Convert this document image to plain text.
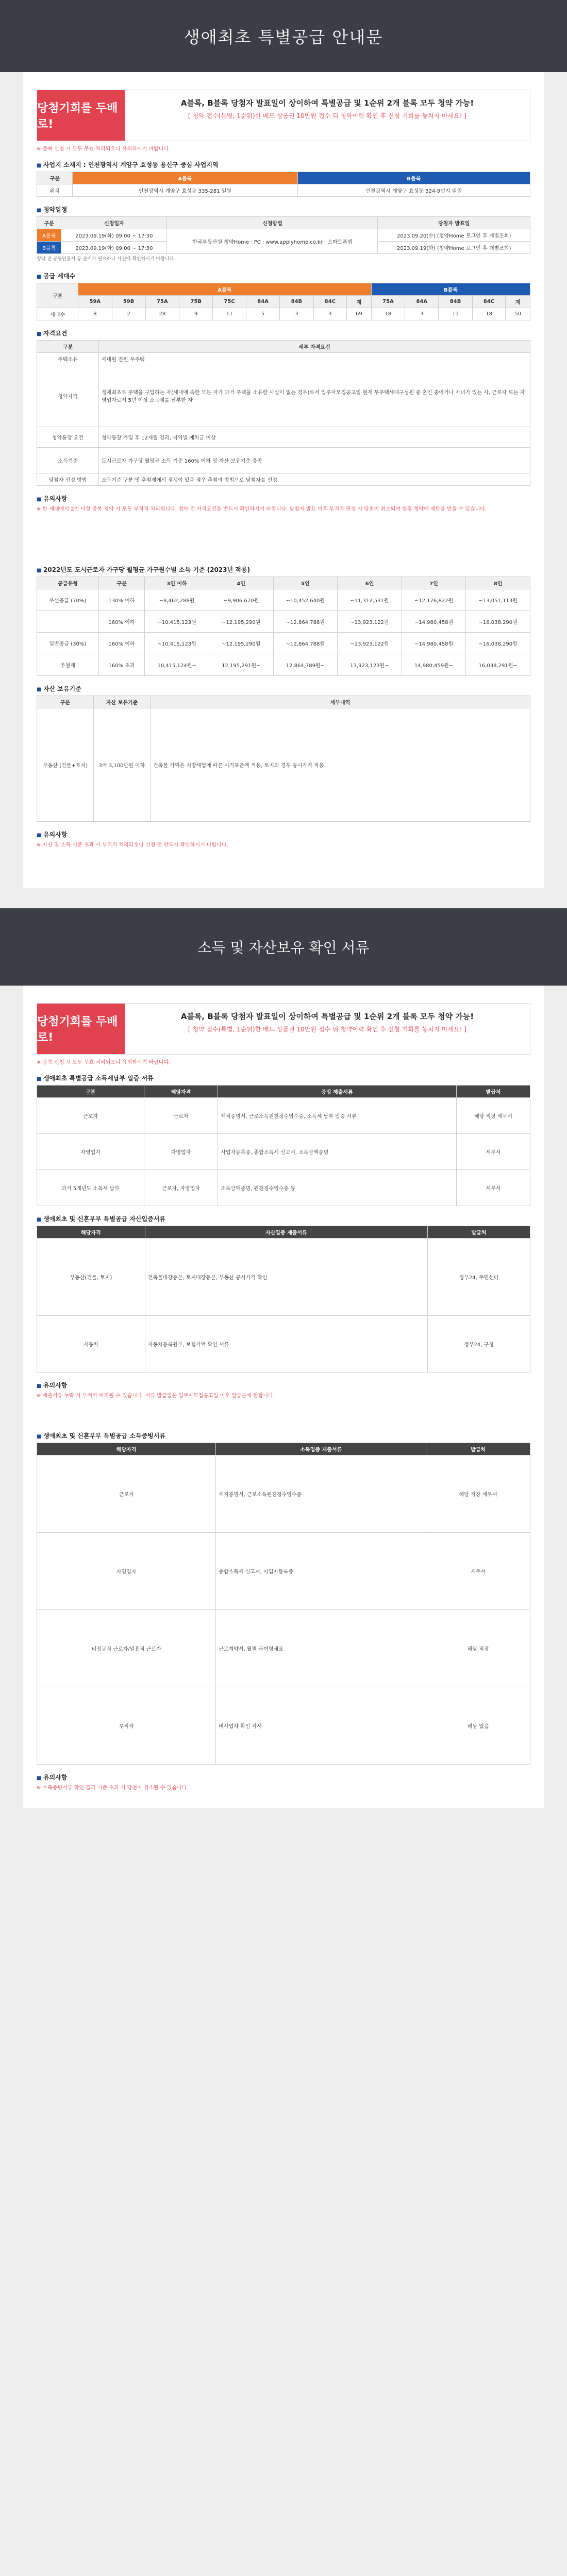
생애최초 특별공급 안내문
당첨기회를 두배로!
A블록, B블록 당첨자 발표일이 상이하여 특별공급 및 1순위 2개 블록 모두 청약 가능!
[ 청약 접수(특별, 1순위)한 배드 상품권 10만원 접수 뒤 청약이력 확인 후 신청 기회를 놓치지 마세요! ]
※ 중복 신청 시 모두 무효 처리되오니 유의하시기 바랍니다.
■ 사업지 소재지 : 인천광역시 계양구 효성동 용신구 중심 사업지역
구분	A블록	B블록
위치	인천광역시 계양구 효성동 335-281 일원	인천광역시 계양구 효성동 324-9번지 일원
■ 청약일정
구분	신청일자	신청방법	당첨자 발표일
A블록	2023.09.19(화) 09:00 ~ 17:30	한국부동산원 청약Home · PC : www.applyhome.co.kr · 스마트폰앱	2023.09.20(수) (청약Home 로그인 후 개별조회)
B블록	2023.09.19(화) 09:00 ~ 17:30		2023.09.19(화) (청약Home 로그인 후 개별조회)
청약 전 공동인증서 등 준비가 필요하니 사전에 확인하시기 바랍니다.
■ 공급 세대수
구분	A블록									B블록				
	59A	59B	75A	75B	75C	84A	84B	84C	계	75A	84A	84B	84C	계
세대수	8	2	28	9	11	5	3	3	69	18	3	11	18	50
■ 자격요건
구분	세부 자격요건
주택소유	세대원 전원 무주택
청약자격	생애최초로 주택을 구입하는 자(세대에 속한 모든 자가 과거 주택을 소유한 사실이 없는 경우)로서 입주자모집공고일 현재 무주택세대구성원 중 혼인 중이거나 자녀가 있는 자, 근로자 또는 자영업자로서 5년 이상 소득세를 납부한 자
청약통장 요건	청약통장 가입 후 12개월 경과, 지역별 예치금 이상
소득기준	도시근로자 가구당 월평균 소득 기준 160% 이하 및 자산 보유기준 충족
당첨자 선정 방법	소득기준 구분 및 추첨제에서 경쟁이 있을 경우 추첨의 방법으로 당첨자를 선정
■ 유의사항
※ 한 세대에서 2인 이상 중복 청약 시 모두 부적격 처리됩니다. 청약 전 자격요건을 반드시 확인하시기 바랍니다. 당첨자 발표 이후 부적격 판정 시 당첨이 취소되며 향후 청약에 제한을 받을 수 있습니다.
■ 2022년도 도시근로자 가구당 월평균 가구원수별 소득 기준 (2023년 적용)
공급유형	구분	3인 이하	4인	5인	6인	7인	8인
우선공급 (70%)	130% 이하	~8,462,288원	~9,906,670원	~10,452,640원	~11,312,531원	~12,176,822원	~13,051,113원
	160% 이하	~10,415,123원	~12,195,290원	~12,864,788원	~13,923,122원	~14,980,458원	~16,038,290원
일반공급 (30%)	160% 이하	~10,415,123원	~12,195,290원	~12,864,788원	~13,923,122원	~14,980,458원	~16,038,290원
추첨제	160% 초과	10,415,124원~	12,195,291원~	12,864,789원~	13,923,123원~	14,980,459원~	16,038,291원~
■ 자산 보유기준
구분	자산 보유기준	세부내역
부동산 (건물+토지)	3억 3,100만원 이하	건축물 가액은 지방세법에 따른 시가표준액 적용, 토지의 경우 공시가격 적용
■ 유의사항
※ 자산 및 소득 기준 초과 시 부적격 처리되오니 신청 전 반드시 확인하시기 바랍니다.
소득 및 자산보유 확인 서류
당첨기회를 두배로!
A블록, B블록 당첨자 발표일이 상이하여 특별공급 및 1순위 2개 블록 모두 청약 가능!
[ 청약 접수(특별, 1순위)한 배드 상품권 10만원 접수 뒤 청약이력 확인 후 신청 기회를 놓치지 마세요! ]
※ 중복 신청 시 모두 무효 처리되오니 유의하시기 바랍니다.
■ 생애최초 특별공급 소득세납부 입증 서류
구분	해당자격	증빙 제출서류	발급처
근로자	근로자	재직증명서, 근로소득원천징수영수증, 소득세 납부 입증 서류	해당 직장 세무서
자영업자	자영업자	사업자등록증, 종합소득세 신고서, 소득금액증명	세무서
과거 5개년도 소득세 납부	근로자, 자영업자	소득금액증명, 원천징수영수증 등	세무서
■ 생애최초 및 신혼부부 특별공급 자산입증서류
해당자격	자산입증 제출서류	발급처
부동산(건물, 토지)	건축물대장등본, 토지대장등본, 부동산 공시가격 확인	정부24, 주민센터
자동차	자동차등록원부, 보험가액 확인 서류	정부24, 구청
■ 유의사항
※ 제출서류 누락 시 부적격 처리될 수 있습니다. 서류 발급일은 입주자모집공고일 이후 발급분에 한합니다.
■ 생애최초 및 신혼부부 특별공급 소득증빙서류
해당자격	소득입증 제출서류	발급처
근로자	재직증명서, 근로소득원천징수영수증	해당 직장 세무서
자영업자	종합소득세 신고서, 사업자등록증	세무서
비정규직 근로자/일용직 근로자	근로계약서, 월별 급여명세표	해당 직장
무직자	비사업자 확인 각서	해당 없음
■ 유의사항
※ 소득증빙서류 확인 결과 기준 초과 시 당첨이 취소될 수 있습니다.
